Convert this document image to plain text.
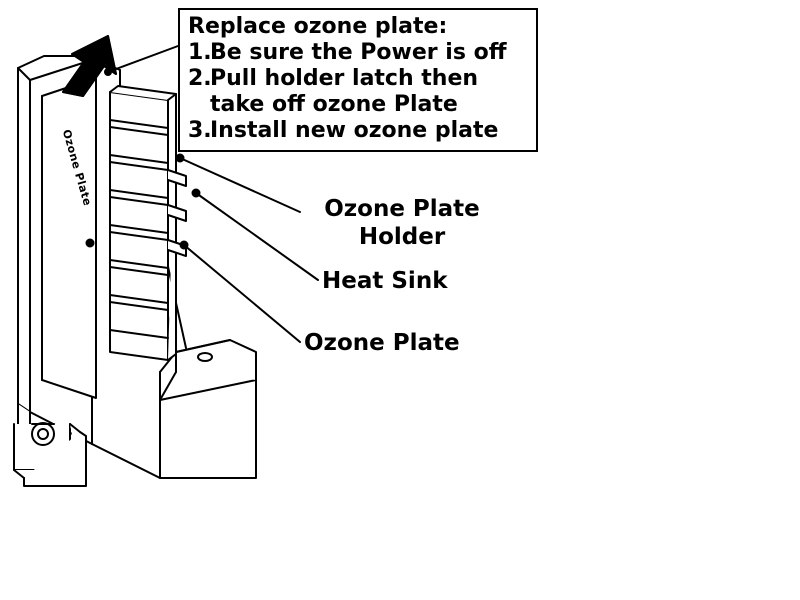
Replace ozone plate:
1.
Be sure the Power is off
2.
Pull holder latch then take off ozone Plate
3.
Install new ozone plate
Ozone Plate
Holder
Heat Sink
Ozone Plate
Ozone Plate
